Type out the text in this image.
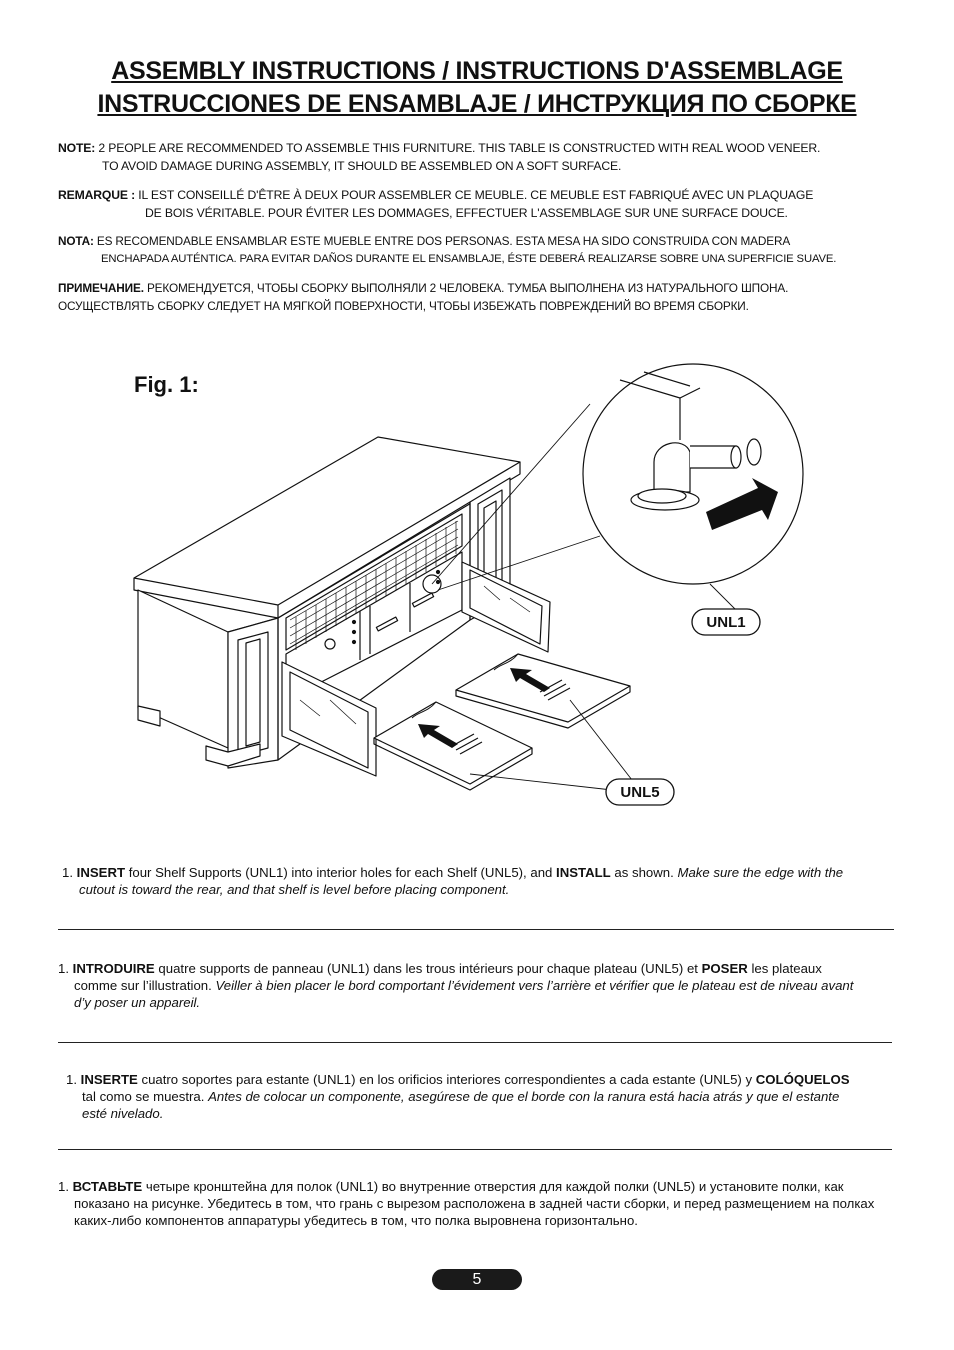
ASSEMBLY INSTRUCTIONS / INSTRUCTIONS D'ASSEMBLAGE
INSTRUCCIONES DE ENSAMBLAJE / ИНСТРУКЦИЯ ПО СБОРКЕ
NOTE: 2 PEOPLE ARE RECOMMENDED TO ASSEMBLE THIS FURNITURE. THIS TABLE IS CONSTRUCTED WITH REAL WOOD VENEER.
TO AVOID DAMAGE DURING ASSEMBLY, IT SHOULD BE ASSEMBLED ON A SOFT SURFACE.
REMARQUE : IL EST CONSEILLÉ D'ÊTRE À DEUX POUR ASSEMBLER CE MEUBLE. CE MEUBLE EST FABRIQUÉ AVEC UN PLAQUAGE
DE BOIS VÉRITABLE. POUR ÉVITER LES DOMMAGES, EFFECTUER L'ASSEMBLAGE SUR UNE SURFACE DOUCE.
NOTA: ES RECOMENDABLE ENSAMBLAR ESTE MUEBLE ENTRE DOS PERSONAS. ESTA MESA HA SIDO CONSTRUIDA CON MADERA
ENCHAPADA AUTÉNTICA. PARA EVITAR DAÑOS DURANTE EL ENSAMBLAJE, ÉSTE DEBERÁ REALIZARSE SOBRE UNA SUPERFICIE SUAVE.
ПРИМЕЧАНИЕ. РЕКОМЕНДУЕТСЯ, ЧТОБЫ СБОРКУ ВЫПОЛНЯЛИ 2 ЧЕЛОВЕКА. ТУМБА ВЫПОЛНЕНА ИЗ НАТУРАЛЬНОГО ШПОНА.
ОСУЩЕСТВЛЯТЬ СБОРКУ СЛЕДУЕТ НА МЯГКОЙ ПОВЕРХНОСТИ, ЧТОБЫ ИЗБЕЖАТЬ ПОВРЕЖДЕНИЙ ВО ВРЕМЯ СБОРКИ.
Fig. 1:
UNL1
UNL5
1. INSERT four Shelf Supports (UNL1) into interior holes for each Shelf (UNL5), and INSTALL as shown. Make sure the edge with the cutout is toward the rear, and that shelf is level before placing component.
1. INTRODUIRE quatre supports de panneau (UNL1) dans les trous intérieurs pour chaque plateau (UNL5) et POSER les plateaux comme sur l’illustration. Veiller à bien placer le bord comportant l’évidement vers l’arrière et vérifier que le plateau est de niveau avant d’y poser un appareil.
1. INSERTE cuatro soportes para estante (UNL1) en los orificios interiores correspondientes a cada estante (UNL5) y COLÓQUELOS tal como se muestra. Antes de colocar un componente, asegúrese de que el borde con la ranura está hacia atrás y que el estante esté nivelado.
1. ВСТАВЬТЕ четыре кронштейна для полок (UNL1) во внутренние отверстия для каждой полки (UNL5) и установите полки, как показано на рисунке. Убедитесь в том, что грань с вырезом расположена в задней части сборки, и перед размещением на полках каких-либо компонентов аппаратуры убедитесь в том, что полка выровнена горизонтально.
5
